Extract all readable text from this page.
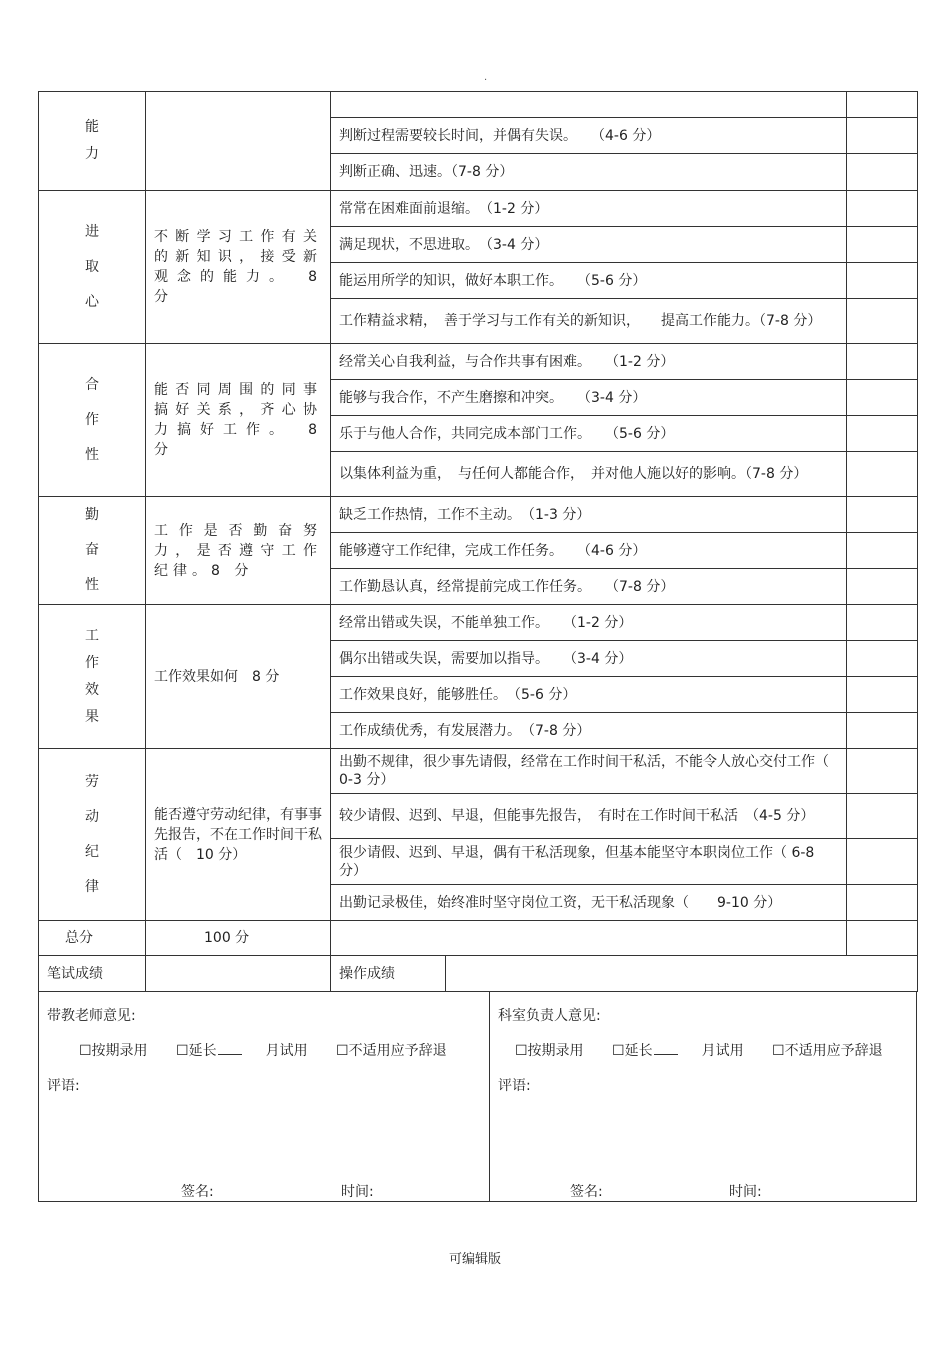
.
能力			
		判断过程需要较长时间，并偶有失误。　　（4-6 分）	
		判断正确、迅速。（7-8 分）	
进取心	不断学习工作有关的新知识，接受新观念的能力。　8 分	常常在困难面前退缩。　（1-2 分）	
		满足现状，不思进取。　（3-4 分）	
		能运用所学的知识，做好本职工作。　　（5-6 分）	

		工作精益求精，　善于学习与工作有关的新知识，　　提高工作能力。（7-8 分）	

合作性	能否同周围的同事搞好关系，齐心协力搞好工作。　8 分	经常关心自我利益，与合作共事有困难。　　（1-2 分）	
		能够与我合作，不产生磨擦和冲突。　　（3-4 分）	
		乐于与他人合作，共同完成本部门工作。　　（5-6 分）	

		以集体利益为重，　与任何人都能合作，　并对他人施以好的影响。（7-8 分）	

勤奋性	工作是否勤奋努力，是否遵守工作纪律。8 分	缺乏工作热情，工作不主动。　（1-3 分）	
		能够遵守工作纪律，完成工作任务。　　（4-6 分）	
		工作勤恳认真，经常提前完成工作任务。　　（7-8 分）	
工作效果	工作效果如何　8 分	经常出错或失误，不能单独工作。　　（1-2 分）	
		偶尔出错或失误，需要加以指导。　　（3-4 分）	
		工作效果良好，能够胜任。　（5-6 分）	
		工作成绩优秀，有发展潜力。　（7-8 分）	
劳动纪律	能否遵守劳动纪律，有事事先报告，不在工作时间干私活（　10 分）	出勤不规律，很少事先请假，经常在工作时间干私活，不能令人放心交付工作（　0-3 分）	

		较少请假、迟到、早退，但能事先报告，　有时在工作时间干私活　（4-5 分）	

		很少请假、迟到、早退，偶有干私活现象，但基本能坚守本职岗位工作（ 6-8 分）	

		出勤记录极佳，始终准时坚守岗位工资，无干私活现象（　　9-10 分）	
总分	100 分		
笔试成绩		操作成绩	
带教老师意见:
☐按期录用 ☐延长	月试用 ☐不适用应予辞退
评语:
签名:	时间:
科室负责人意见:
☐按期录用 ☐延长	月试用 ☐不适用应予辞退
评语:
签名:	时间:
可编辑版
